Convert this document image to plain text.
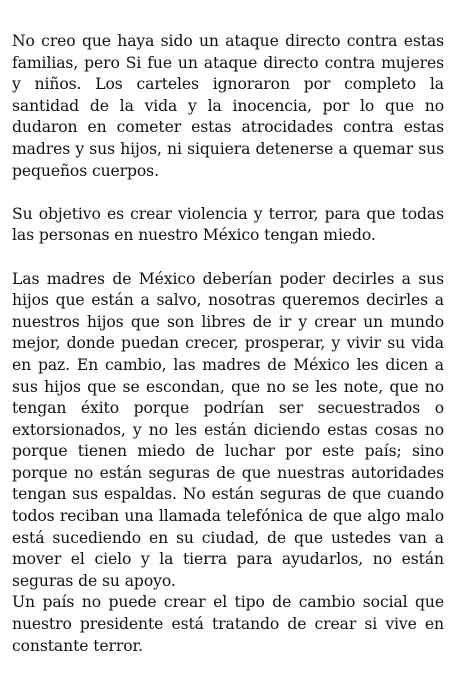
No creo que haya sido un ataque directo contra estas familias, pero Si fue un ataque directo contra mujeres y niños. Los carteles ignoraron por completo la santidad de la vida y la inocencia, por lo que no dudaron en cometer estas atrocidades contra estas madres y sus hijos, ni siquiera detenerse a quemar sus pequeños cuerpos.

Su objetivo es crear violencia y terror, para que todas las personas en nuestro México tengan miedo.

Las madres de México deberían poder decirles a sus hijos que están a salvo, nosotras queremos decirles a nuestros hijos que son libres de ir y crear un mundo mejor, donde puedan crecer, prosperar, y vivir su vida en paz. En cambio, las madres de México les dicen a sus hijos que se escondan, que no se les note, que no tengan éxito porque podrían ser secuestrados o extorsionados, y no les están diciendo estas cosas no porque tienen miedo de luchar por este país; sino porque no están seguras de que nuestras autoridades tengan sus espaldas. No están seguras de que cuando todos reciban una llamada telefónica de que algo malo está sucediendo en su ciudad, de que ustedes van a mover el cielo y la tierra para ayudarlos, no están seguras de su apoyo.

Un país no puede crear el tipo de cambio social que nuestro presidente está tratando de crear si vive en constante terror.
